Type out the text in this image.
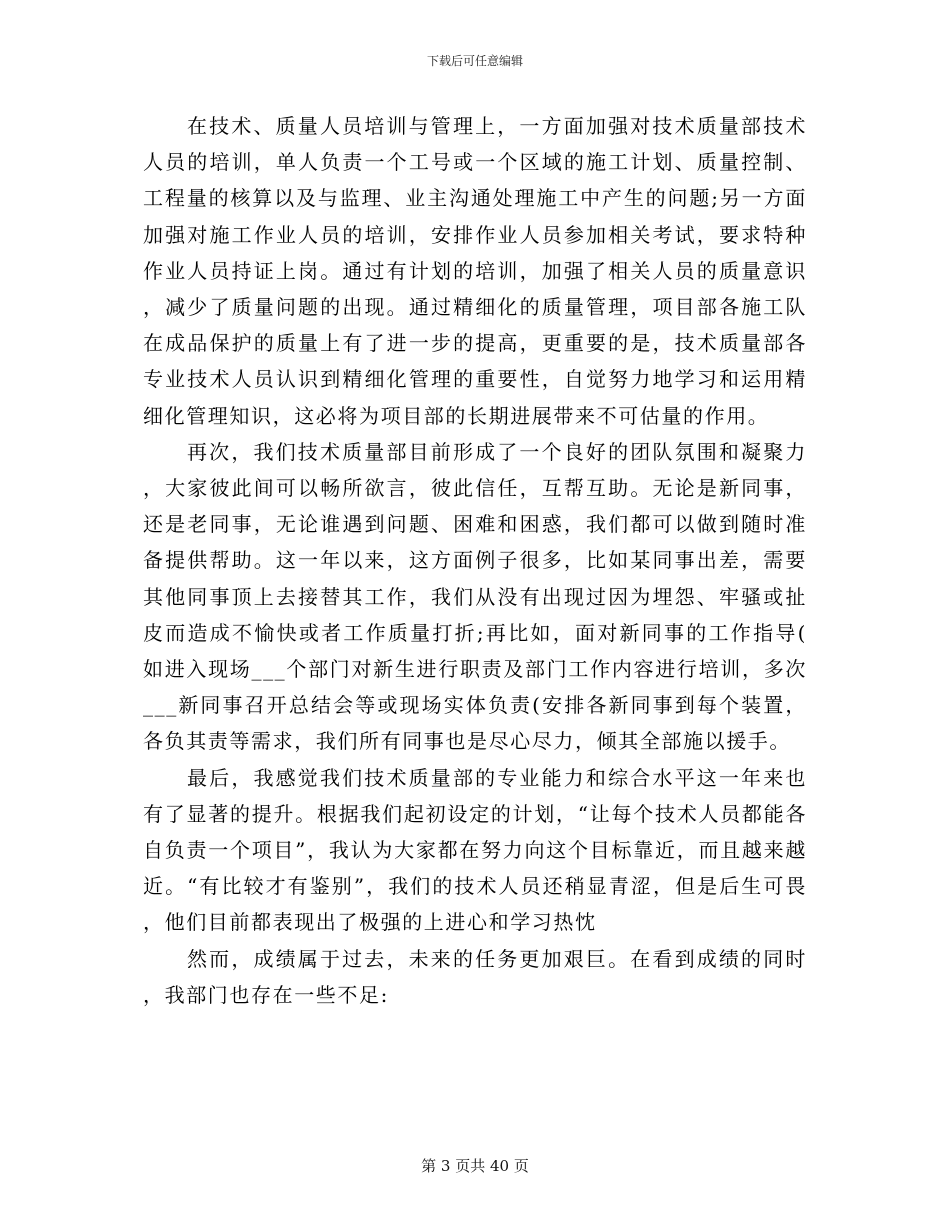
下载后可任意编辑

在技术、质量人员培训与管理上，一方面加强对技术质量部技术人员的培训，单人负责一个工号或一个区域的施工计划、质量控制、工程量的核算以及与监理、业主沟通处理施工中产生的问题;另一方面加强对施工作业人员的培训，安排作业人员参加相关考试，要求特种作业人员持证上岗。通过有计划的培训，加强了相关人员的质量意识，减少了质量问题的出现。通过精细化的质量管理，项目部各施工队在成品保护的质量上有了进一步的提高，更重要的是，技术质量部各专业技术人员认识到精细化管理的重要性，自觉努力地学习和运用精细化管理知识，这必将为项目部的长期进展带来不可估量的作用。

再次，我们技术质量部目前形成了一个良好的团队氛围和凝聚力，大家彼此间可以畅所欲言，彼此信任，互帮互助。无论是新同事，还是老同事，无论谁遇到问题、困难和困惑，我们都可以做到随时准备提供帮助。这一年以来，这方面例子很多，比如某同事出差，需要其他同事顶上去接替其工作，我们从没有出现过因为埋怨、牢骚或扯皮而造成不愉快或者工作质量打折;再比如，面对新同事的工作指导(如进入现场___个部门对新生进行职责及部门工作内容进行培训，多次___新同事召开总结会等或现场实体负责(安排各新同事到每个装置，各负其责等需求，我们所有同事也是尽心尽力，倾其全部施以援手。

最后，我感觉我们技术质量部的专业能力和综合水平这一年来也有了显著的提升。根据我们起初设定的计划，“让每个技术人员都能各自负责一个项目”，我认为大家都在努力向这个目标靠近，而且越来越近。“有比较才有鉴别”，我们的技术人员还稍显青涩，但是后生可畏，他们目前都表现出了极强的上进心和学习热忱

然而，成绩属于过去，未来的任务更加艰巨。在看到成绩的同时，我部门也存在一些不足:

第 3 页共 40 页
